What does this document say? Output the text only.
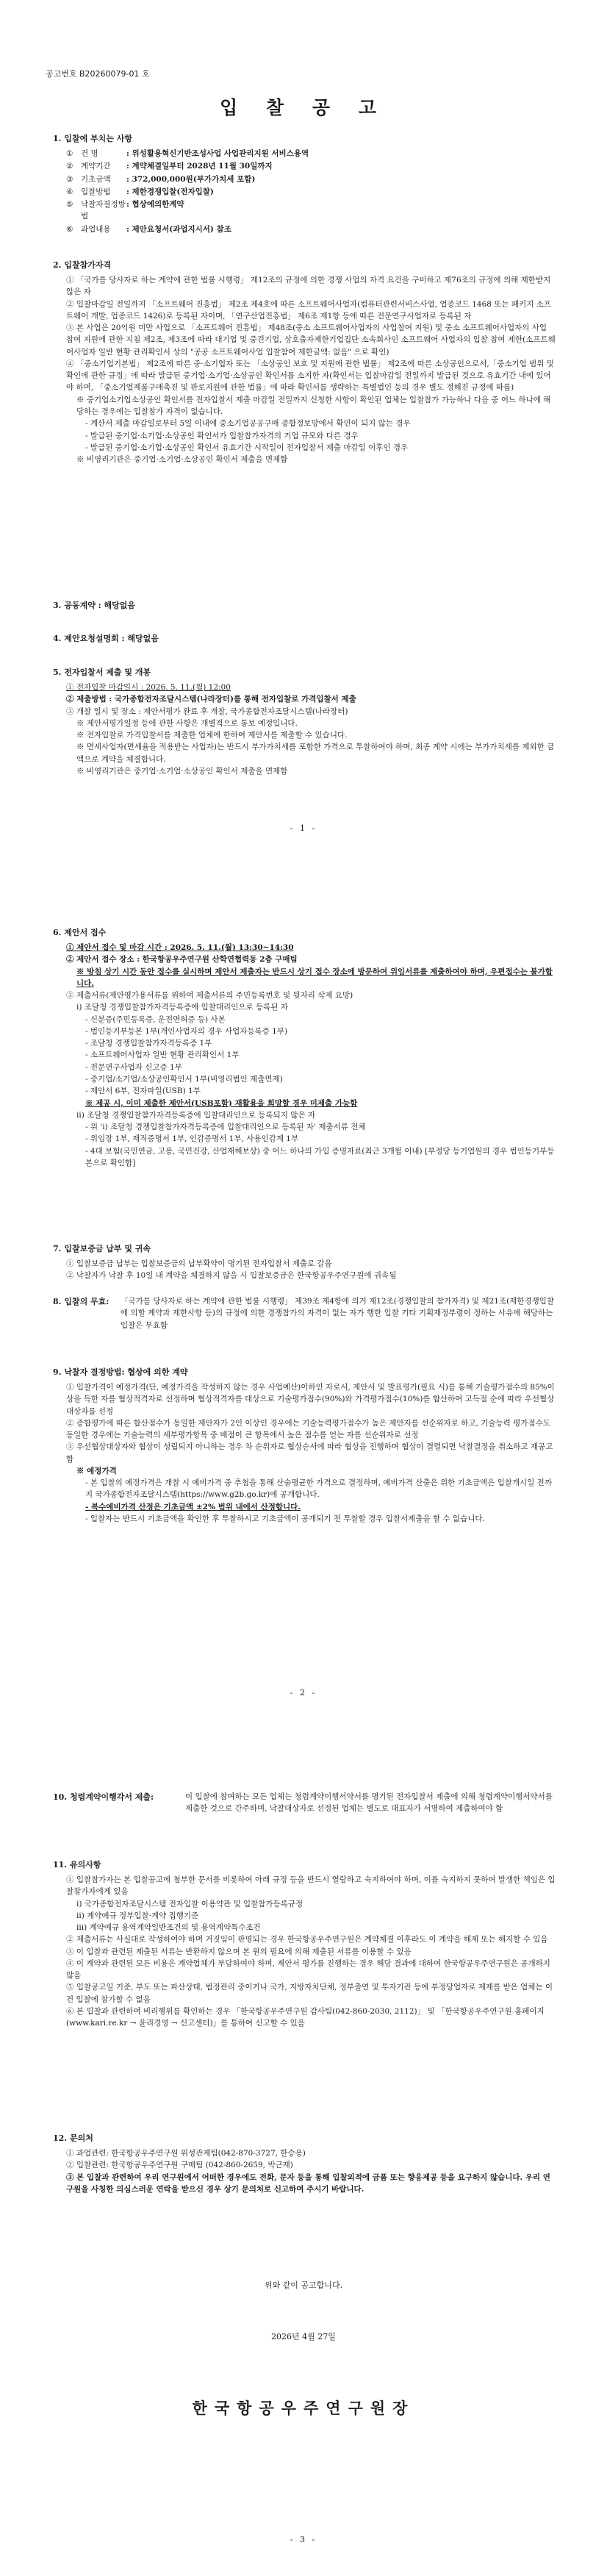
공고번호 B20260079-01 호
입 찰 공 고
1. 입찰에 부치는 사항
①	건 명	: 위성활용혁신기반조성사업 사업관리지원 서비스용역
②	계약기간	: 계약체결일부터 2028년 11월 30일까지
③	기초금액	: 372,000,000원(부가가치세 포함)
④	입찰방법	: 제한경쟁입찰(전자입찰)
⑤	낙찰자결정방법
: 협상에의한계약
⑥	과업내용	: 제안요청서(과업지시서) 참조
2. 입찰참가자격

① 「국가를 당사자로 하는 계약에 관한 법률 시행령」 제12조의 규정에 의한 경쟁 사업의 자격 요건을 구비하고 제76조의 규정에 의해 제한받지 않은 자

② 입찰마감일 전일까지 「소프트웨어 진흥법」 제2조 제4호에 따른 소프트웨어사업자(컴퓨터관련서비스사업, 업종코드 1468 또는 패키지 소프트웨어 개발, 업종코드 1426)로 등록된 자이며, 「연구산업진흥법」 제6조 제1항 등에 따른 전문연구사업자로 등록된 자

③ 본 사업은 20억원 미만 사업으로 「소프트웨어 진흥법」 제48조(중소 소프트웨어사업자의 사업참여 지원) 및 중소 소프트웨어사업자의 사업 참여 지원에 관한 지침 제2조, 제3조에 따라 대기업 및 중견기업, 상호출자제한기업집단 소속회사인 소프트웨어 사업자의 입찰 참여 제한(소프트웨어사업자 일반 현황 관리확인서 상의 "공공 소프트웨어사업 입찰참여 제한금액: 없음" 으로 확인)

④ 「중소기업기본법」 제2조에 따른 중·소기업자 또는 「소상공인 보호 및 지원에 관한 법률」 제2조에 따른 소상공인으로서,「중소기업 범위 및 확인에 관한 규정」에 따라 발급된 중기업·소기업·소상공인 확인서를 소지한 자(확인서는 입찰마감일 전일까지 발급된 것으로 유효기간 내에 있어야 하며, 「중소기업제품구매촉진 및 판로지원에 관한 법률」에 따라 확인서를 생략하는 특별법인 등의 경우 별도 정해진 규정에 따름)

※ 중기업소기업소상공인 확인서를 전자입찰서 제출 마감일 전일까지 신청한 사항이 확인된 업체는 입찰참가 가능하나 다음 중 어느 하나에 해당하는 경우에는 입찰참가 자격이 없습니다.

- 계산서 제출 마감일로부터 5일 이내에 중소기업공공구매 종합정보망에서 확인이 되지 않는 경우

- 발급된 중기업·소기업·소상공인 확인서가 입찰참가자격의 기업 규모와 다른 경우

- 발급된 중기업·소기업·소상공인 확인서 유효기간 시작일이 전자입찰서 제출 마감일 이후인 경우

※ 비영리기관은 중기업·소기업·소상공인 확인서 제출을 면제함

3. 공동계약 : 해당없음
4. 제안요청설명회 : 해당없음
5. 전자입찰서 제출 및 개봉

① 전자입찰 마감일시 : 2026. 5. 11.(월) 12:00

② 제출방법 : 국가종합전자조달시스템(나라장터)를 통해 전자입찰로 가격입찰서 제출

③ 개찰 일시 및 장소 : 제안서평가 완료 후 개찰, 국가종합전자조달시스템(나라장터)

※ 제안서평가일정 등에 관한 사항은 개별적으로 통보 예정입니다.

※ 전자입찰로 가격입찰서를 제출한 업체에 한하여 제안서를 제출할 수 있습니다.

※ 면세사업자(면세율을 적용받는 사업자)는 반드시 부가가치세를 포함한 가격으로 투찰하여야 하며, 최종 계약 시에는 부가가치세를 제외한 금액으로 계약을 체결합니다.

※ 비영리기관은 중기업·소기업·소상공인 확인서 제출을 면제함

- 1 -
6. 제안서 접수

① 제안서 접수 및 마감 시간 : 2026. 5. 11.(월) 13:30~14:30

② 제안서 접수 장소 : 한국항공우주연구원 산학연협력동 2층 구매팀

※ 방침 상기 시간 동안 접수를 실시하며 제안서 제출자는 반드시 상기 접수 장소에 방문하여 위임서류를 제출하여야 하며, 우편접수는 불가합니다.

③ 제출서류(제안평가용서류를 위하여 제출서류의 주민등록번호 및 뒷자리 삭제 요망)

ⅰ) 조달청 경쟁입찰참가자격등록증에 입찰대리인으로 등록된 자

- 신분증(주민등록증, 운전면허증 등) 사본

- 법인등기부등본 1부(개인사업자의 경우 사업자등록증 1부)

- 조달청 경쟁입찰참가자격등록증 1부

- 소프트웨어사업자 일반 현황 관리확인서 1부

- 전문연구사업자 신고증 1부

- 중기업/소기업/소상공인확인서 1부(비영리법인 제출면제)

- 제안서 6부, 전자파일(USB) 1부

※ 제공 시, 이미 제출한 제안서(USB포함) 재활용을 희망할 경우 미제출 가능함

ⅱ) 조달청 경쟁입찰참가자격등록증에 입찰대리인으로 등록되지 않은 자

- 위 'ⅰ) 조달청 경쟁입찰참가자격등록증에 입찰대리인으로 등록된 자' 제출서류 전체

- 위임장 1부, 재직증명서 1부, 인감증명서 1부, 사용인감계 1부

- 4대 보험(국민연금, 고용, 국민건강, 산업재해보상) 중 어느 하나의 가입 증명자료(최근 3개월 이내) [부정당 등기업원의 경우 법인등기부등본으로 확인함]

7. 입찰보증금 납부 및 귀속

① 입찰보증금 납부는 입찰보증금의 납부확약이 명기된 전자입찰서 제출로 갈음

② 낙찰자가 낙찰 후 10일 내 계약을 체결하지 않을 시 입찰보증금은 한국항공우주연구원에 귀속됨

8. 입찰의 무효:	「국가를 당사자로 하는 계약에 관한 법률 시행령」 제39조 제4항에 의거 제12조(경쟁입찰의 참가자격) 및 제21조(제한경쟁입찰에 의할 계약과 제한사항 등)의 규정에 의한 경쟁참가의 자격이 없는 자가 행한 입찰 기타 기획재정부령이 정하는 사유에 해당하는 입찰은 무효함
9. 낙찰자 결정방법: 협상에 의한 계약

① 입찰가격이 예정가격(단, 예정가격을 작성하지 않는 경우 사업예산)이하인 자로서, 제안서 및 발표평가(필요 시)를 통해 기술평가점수의 85%이상을 득한 자를 협상적격자로 선정하며 협상적격자를 대상으로 기술평가점수(90%)와 가격평가점수(10%)를 합산하여 고득점 순에 따라 우선협상대상자를 선정

② 종합평가에 따른 합산점수가 동일한 제안자가 2인 이상인 경우에는 기술능력평가점수가 높은 제안자를 선순위자로 하고, 기술능력 평가점수도 동일한 경우에는 기술능력의 세부평가항목 중 배점이 큰 항목에서 높은 점수를 얻는 자를 선순위자로 선정

③ 우선협상대상자와 협상이 성립되지 아니하는 경우 차 순위자로 협상순서에 따라 협상을 진행하며 협상이 결렬되면 낙찰결정을 취소하고 재공고함

※ 예정가격

- 본 입찰의 예정가격은 개찰 시 예비가격 중 추첨을 통해 산술평균한 가격으로 결정하며, 예비가격 산출은 위한 기초금액은 입찰개시일 전까지 국가종합전자조달시스템(https://www.g2b.go.kr)에 공개합니다.

- 복수예비가격 산정은 기초금액 ±2% 범위 내에서 산정합니다.

- 입찰자는 반드시 기초금액을 확인한 후 투찰하시고 기초금액이 공개되기 전 투찰할 경우 입찰서제출을 할 수 없습니다.

- 2 -
10. 청렴계약이행각서 제출:	이 입찰에 참여하는 모든 업체는 청렴계약이행서약서를 명기된 전자입찰서 제출에 의해 청렴계약이행서약서를 제출한 것으로 간주하며, 낙찰대상자로 선정된 업체는 별도로 대표자가 서명하여 제출하여야 함
11. 유의사항

① 입찰참가자는 본 입찰공고에 첨부한 문서를 비롯하여 아래 규정 등을 반드시 열람하고 숙지하여야 하며, 이를 숙지하지 못하여 발생한 책임은 입찰참가자에게 있음

ⅰ) 국가종합전자조달시스템 전자입찰 이용약관 및 입찰참가등록규정

ⅱ) 계약예규 정부입찰·계약 집행기준

ⅲ) 계약예규 용역계약일반조건의 및 용역계약특수조건

② 제출서류는 사실대로 작성하여야 하며 거짓임이 판명되는 경우 한국항공우주연구원은 계약체결 이후라도 이 계약을 해제 또는 해지할 수 있음

③ 이 입찰과 관련된 제출된 서류는 반환하지 않으며 본 원의 필요에 의해 제출된 서류를 이용할 수 있음

④ 이 계약과 관련된 모든 비용은 계약업체가 부담하여야 하며, 제안서 평가를 진행하는 경우 해당 결과에 대하여 한국항공우주연구원은 공개하지 않음

⑤ 입찰공고일 기준, 부도 또는 파산상태, 법정관리 중이거나 국가, 지방자치단체, 정부출연 및 투자기관 등에 부정당업자로 제재를 받은 업체는 이 건 입찰에 참가할 수 없음

⑥ 본 입찰과 관련하여 비리행위를 확인하는 경우 「한국항공우주연구원 감사팀(042-860-2030, 2112)」 및 「한국항공우주연구원 홈페이지(www.kari.re.kr → 윤리경영 → 신고센터)」를 통하여 신고할 수 있음

12. 문의처

① 과업관련: 한국항공우주연구원 위성관제팀(042-870-3727, 한승용)

② 입찰관련: 한국항공우주연구원 구매팀 (042-860-2659, 박근재)

③ 본 입찰과 관련하여 우리 연구원에서 어떠한 경우에도 전화, 문자 등을 통해 입찰외적에 금품 또는 향응제공 등을 요구하지 않습니다. 우리 연구원을 사칭한 의심스러운 연락을 받으신 경우 상기 문의처로 신고하여 주시기 바랍니다.

위와 같이 공고합니다.
2026년 4월 27일
한국항공우주연구원장
- 3 -
